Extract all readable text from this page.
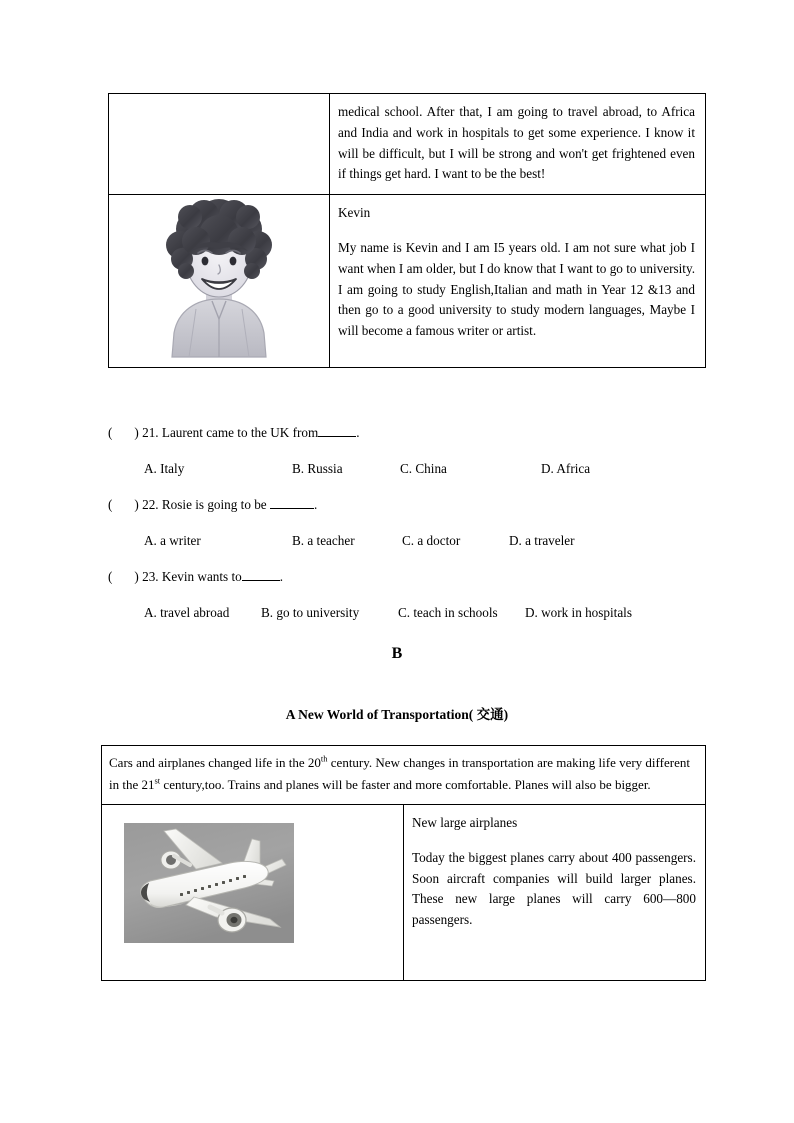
	medical school. After that, I am going to travel abroad, to Africa and India and work in hospitals to get some experience. I know it will be difficult, but I will be strong and won't get frightened even if things get hard. I want to be the best!

Kevin

My name is Kevin and I am I5 years old. I am not sure what job I want when I am older, but I do know that I want to go to university. I am going to study English,Italian and math in Year 12 &13 and then go to a good university to study modern languages, Maybe I will become a famous writer or artist.

( ) 21. Laurent came to the UK from	.

A. Italy	B. Russia	C. China	D. Africa

( ) 22. Rosie is going to be	.

A. a writer	B. a teacher	C. a doctor	D. a traveler

( ) 23. Kevin wants to	.

A. travel abroad B. go to university	C. teach in schools D. work in hospitals

B
A New World of Transportation( 交通)

Cars and airplanes changed life in the 20th century. New changes in transportation are making life very different in the 21st century,too. Trains and planes will be faster and more comfortable. Planes will also be bigger.

New large airplanes

Today the biggest planes carry about 400 passengers. Soon aircraft companies will build larger planes. These new large planes will carry 600—800 passengers.
